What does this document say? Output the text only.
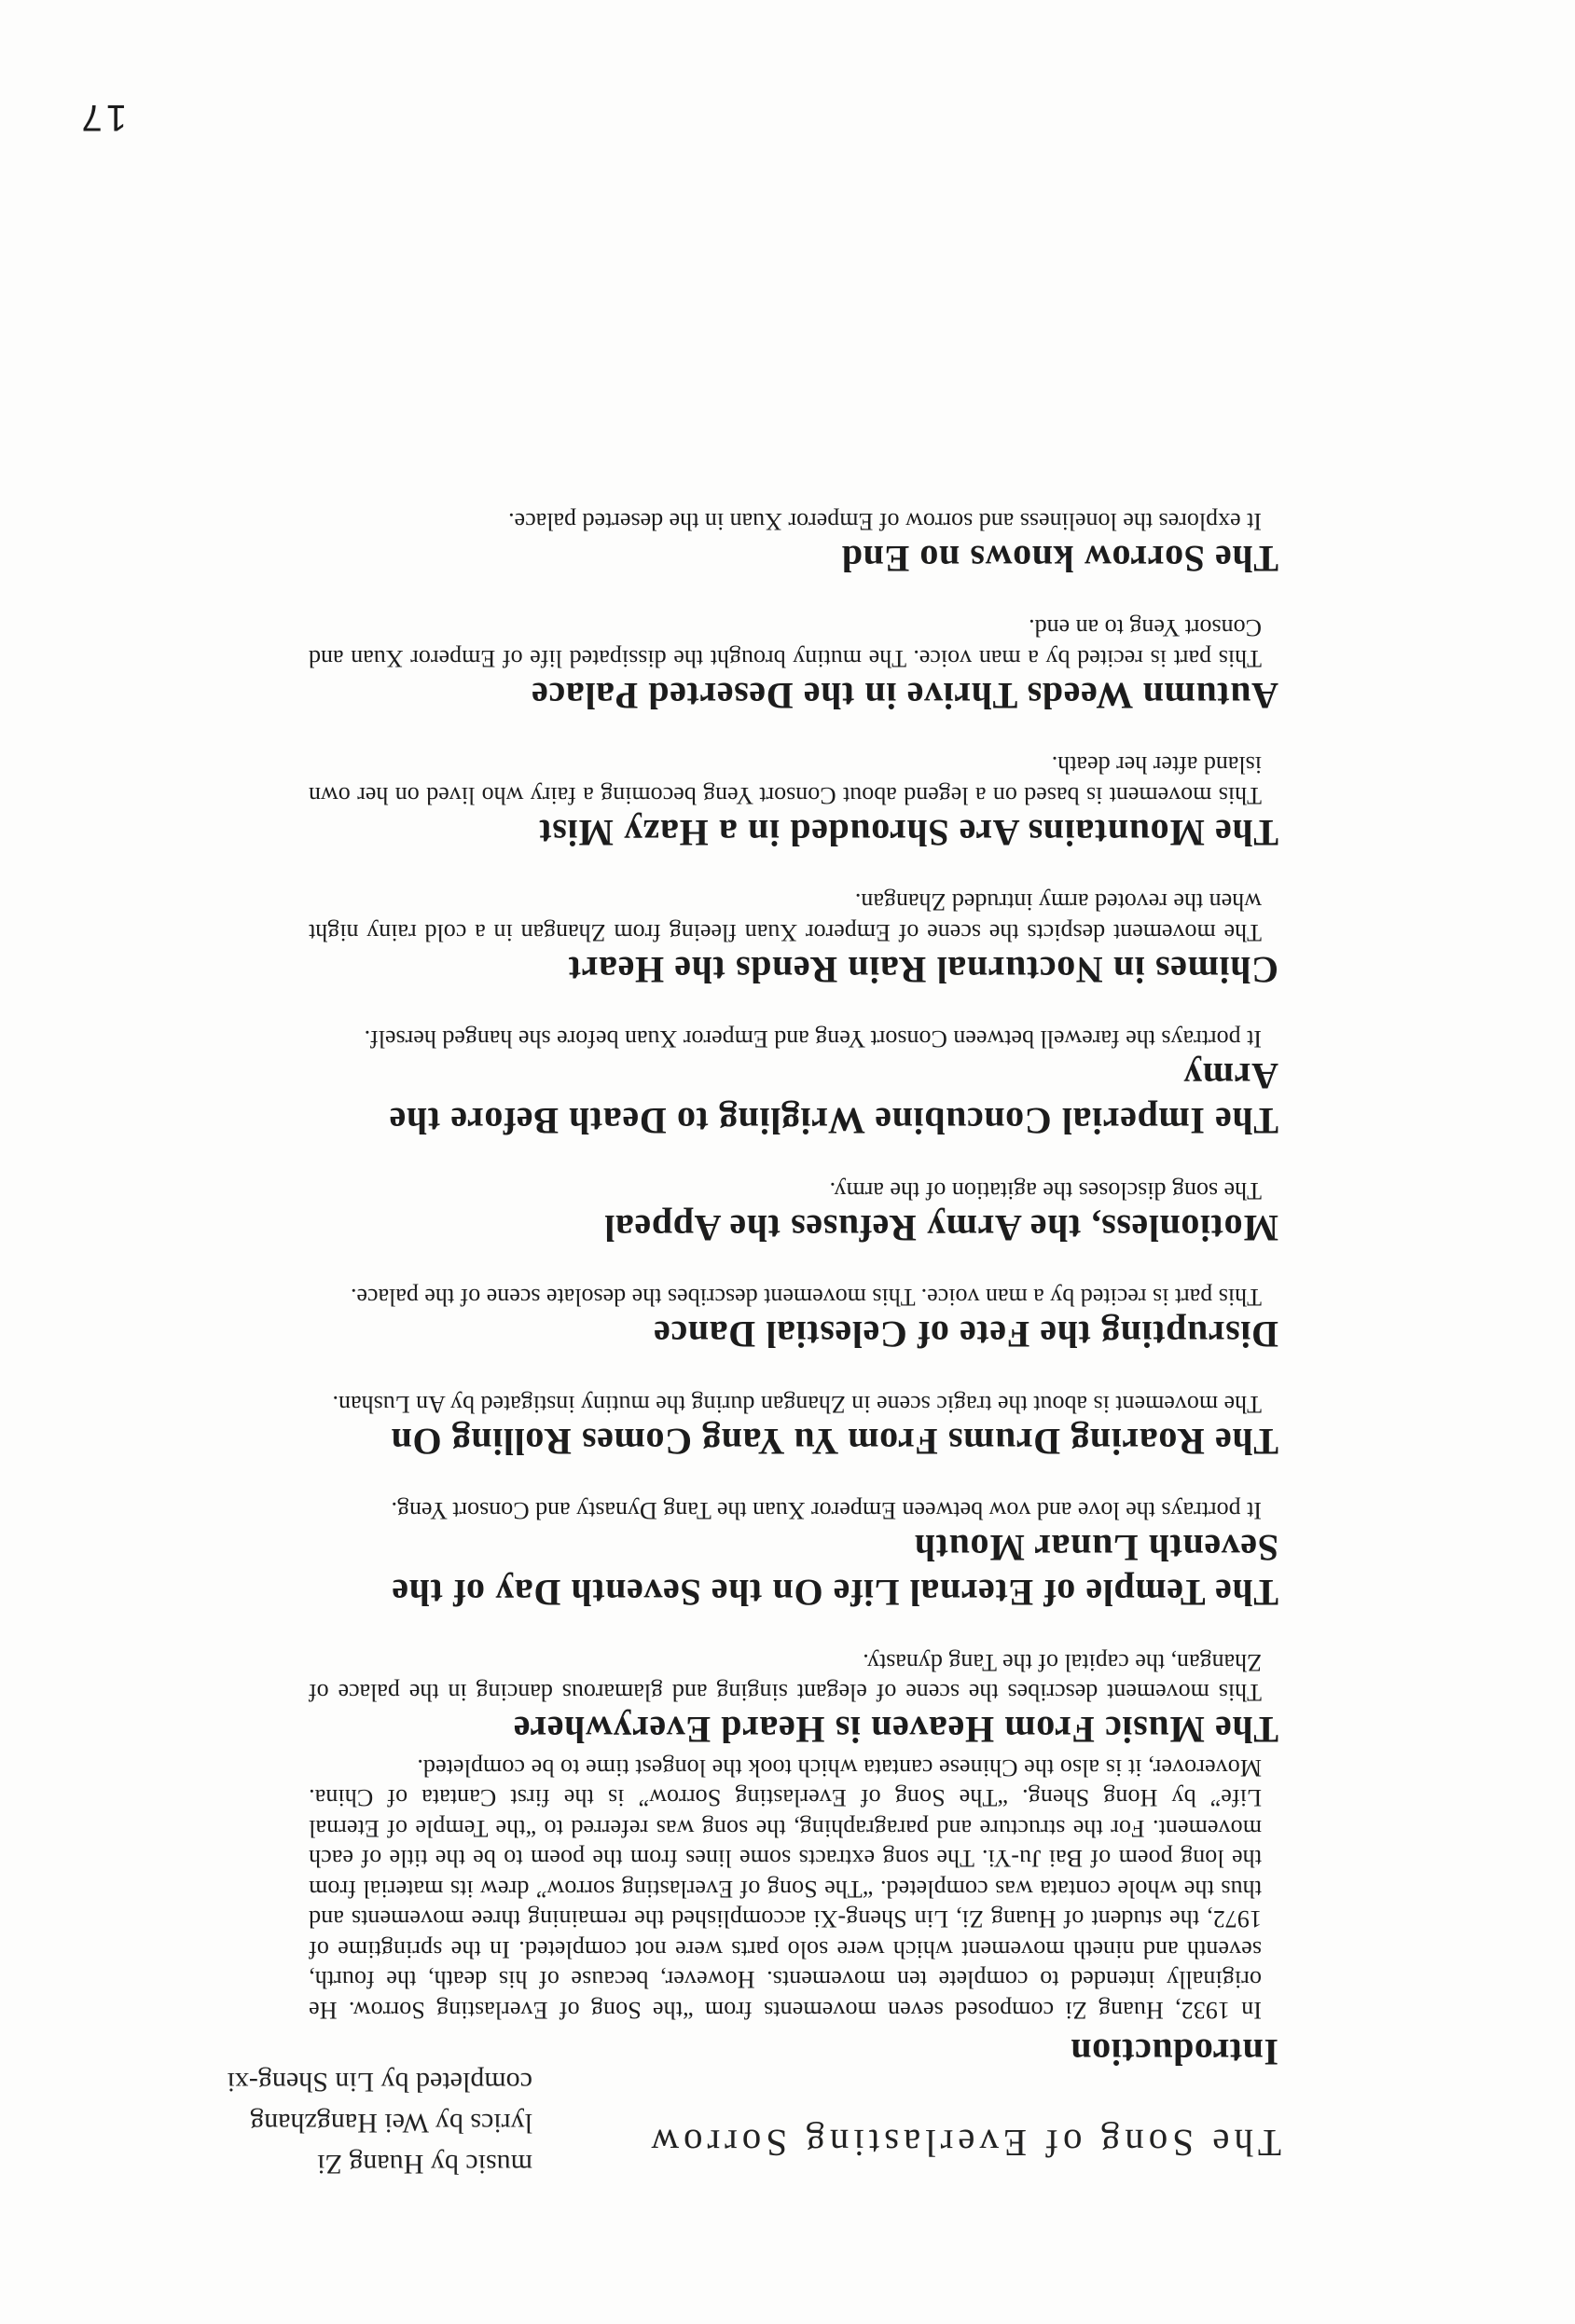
The Song of Everlasting Sorrow
music by Huang Zi
lyrics by Wei Hangzhang
completed by Lin Sheng-xi
Introduction

In 1932, Huang Zi composed seven movements from “the Song of Everlasting Sorrow. He originally intended to complete ten movements. However, because of his death, the fourth, seventh and nineth movement which were solo parts were not completed. In the springtime of 1972, the student of Huang Zi, Lin Sheng-Xi accomplished the remaining three movements and thus the whole contata was completed. “The Song of Everlasting sorrow” drew its material from the long poem of Bai Ju-Yi. The song extracts some lines from the poem to be the title of each movement. For the structure and paragraphing, the song was referred to “the Temple of Eternal Life” by Hong Sheng. “The Song of Everlasting Sorrow” is the first Cantata of China. Moverover, it is also the Chinese cantata which took the longest time to be completed.

The Music From Heaven is Heard Everywhere

This movement describes the scene of elegant singing and glamarous dancing in the palace of Zhangan, the capital of the Tang dynasty.

The Temple of Eternal Life On the Seventh Day of the Seventh Lunar Mouth

It portrays the love and vow between Emperor Xuan the Tang Dynasty and Consort Yeng.

The Roaring Drums From Yu Yang Comes Rolling On

The movement is about the tragic scene in Zhangan during the mutiny instigated by An Lushan.

Disrupting the Fete of Celestial Dance

This part is recited by a man voice. This movement describes the desolate scene of the palace.

Motionless, the Army Refuses the Appeal

The song discloses the agitation of the army.

The Imperial Concubine Wrigling to Death Before the Army

It portrays the farewell between Consort Yeng and Emperor Xuan before she hanged herself.

Chimes in Nocturnal Rain Rends the Heart

The movement despicts the scene of Emperor Xuan fleeing from Zhangan in a cold rainy night when the revoted army intruded Zhangan.

The Mountains Are Shrouded in a Hazy Mist

This movement is based on a legend about Consort Yeng becoming a fairy who lived on her own island after her death.

Autumn Weeds Thrive in the Deserted Palace

This part is recited by a man voice. The mutiny brought the dissipated life of Emperor Xuan and Consort Yeng to an end.

The Sorrow knows no End

It explores the loneliness and sorrow of Emperor Xuan in the deserted palace.

17
